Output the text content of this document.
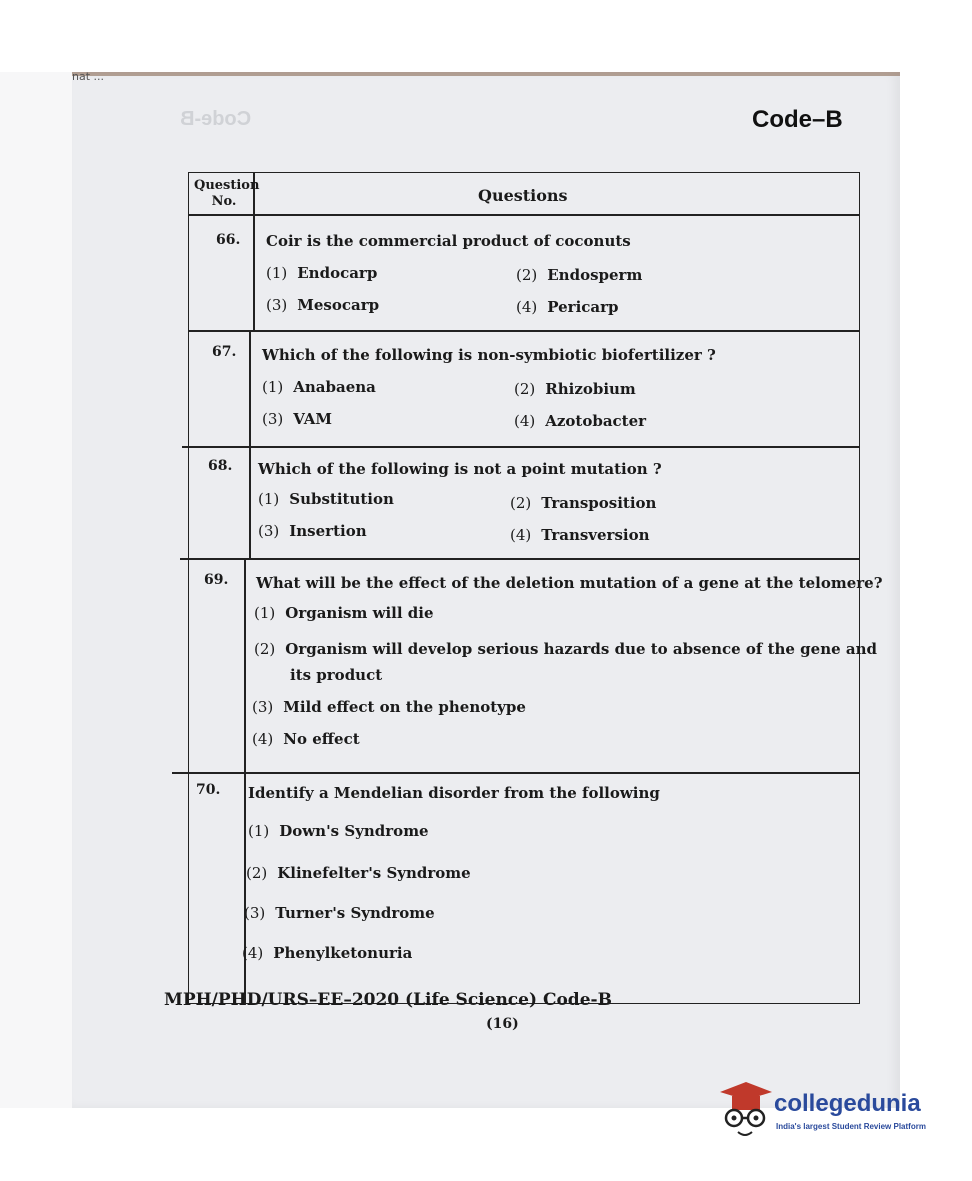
nat ...
Code-B	Code–B
Question No.	Questions
66. Coir is the commercial product of coconuts
(1) Endocarp	(2) Endosperm
(3) Mesocarp	(4) Pericarp
67. Which of the following is non-symbiotic biofertilizer ?
(1) Anabaena	(2) Rhizobium
(3) VAM	(4) Azotobacter
68. Which of the following is not a point mutation ?
(1) Substitution	(2) Transposition
(3) Insertion	(4) Transversion
69. What will be the effect of the deletion mutation of a gene at the telomere?
(1) Organism will die
(2) Organism will develop serious hazards due to absence of the gene and
its product
(3) Mild effect on the phenotype
(4) No effect
70. Identify a Mendelian disorder from the following
(1) Down's Syndrome
(2) Klinefelter's Syndrome
(3) Turner's Syndrome
(4) Phenylketonuria
MPH/PHD/URS–EE–2020 (Life Science) Code-B
(16)
collegedunia
India's largest Student Review Platform
